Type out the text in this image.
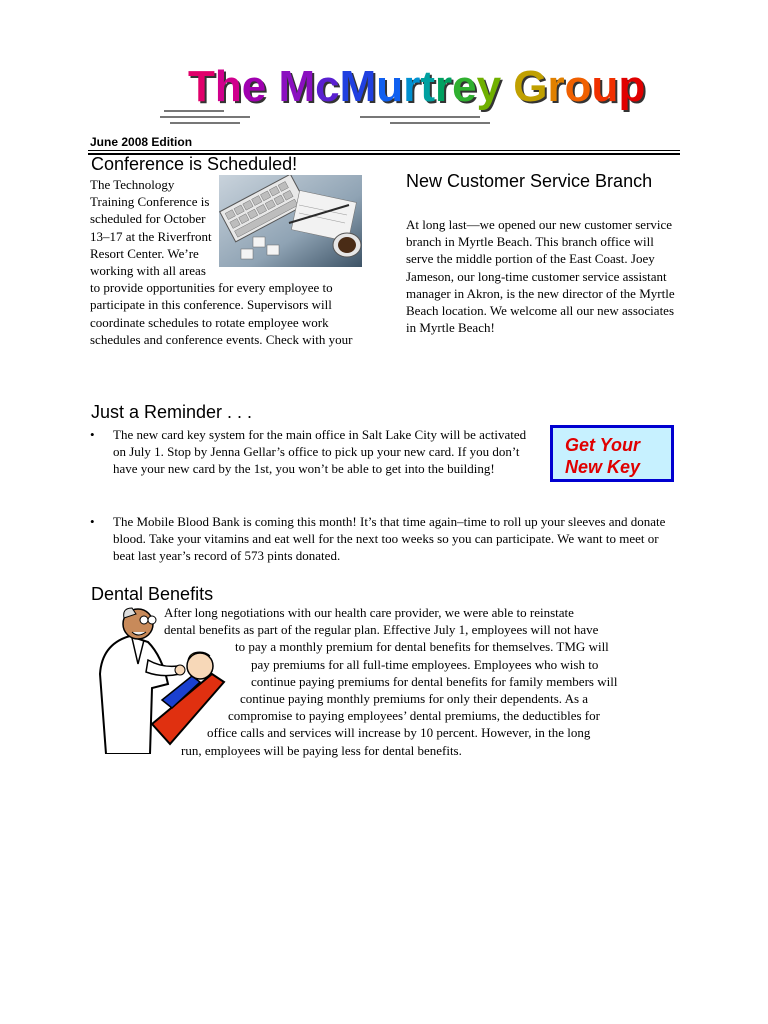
The McMurtrey Group
June 2008 Edition
Conference is Scheduled!

The Technology Training Conference is scheduled for October 13–17 at the Riverfront Resort Center. We’re working with all areas to provide opportunities for every employee to participate in this conference. Supervisors will coordinate schedules to rotate employee work schedules and conference events. Check with your

New Customer Service Branch

At long last—we opened our new customer service branch in Myrtle Beach. This branch office will serve the middle portion of the East Coast. Joey Jameson, our long-time customer service assistant manager in Akron, is the new director of the Myrtle Beach location. We welcome all our new associates in Myrtle Beach!

Just a Reminder . . .
• The new card key system for the main office in Salt Lake City will be activated on July 1. Stop by Jenna Gellar’s office to pick up your new card. If you don’t have your new card by the 1st, you won’t be able to get into the building!
• The Mobile Blood Bank is coming this month! It’s that time again–time to roll up your sleeves and donate blood. Take your vitamins and eat well for the next too weeks so you can participate. We want to meet or beat last year’s record of 573 pints donated.
Get Your
New Key
Dental Benefits

After long negotiations with our health care provider, we were able to reinstate

dental benefits as part of the regular plan. Effective July 1, employees will not have

to pay a monthly premium for dental benefits for themselves. TMG will

pay premiums for all full-time employees. Employees who wish to

continue paying premiums for dental benefits for family members will

continue paying monthly premiums for only their dependents. As a

compromise to paying employees’ dental premiums, the deductibles for

office calls and services will increase by 10 percent. However, in the long

run, employees will be paying less for dental benefits.
